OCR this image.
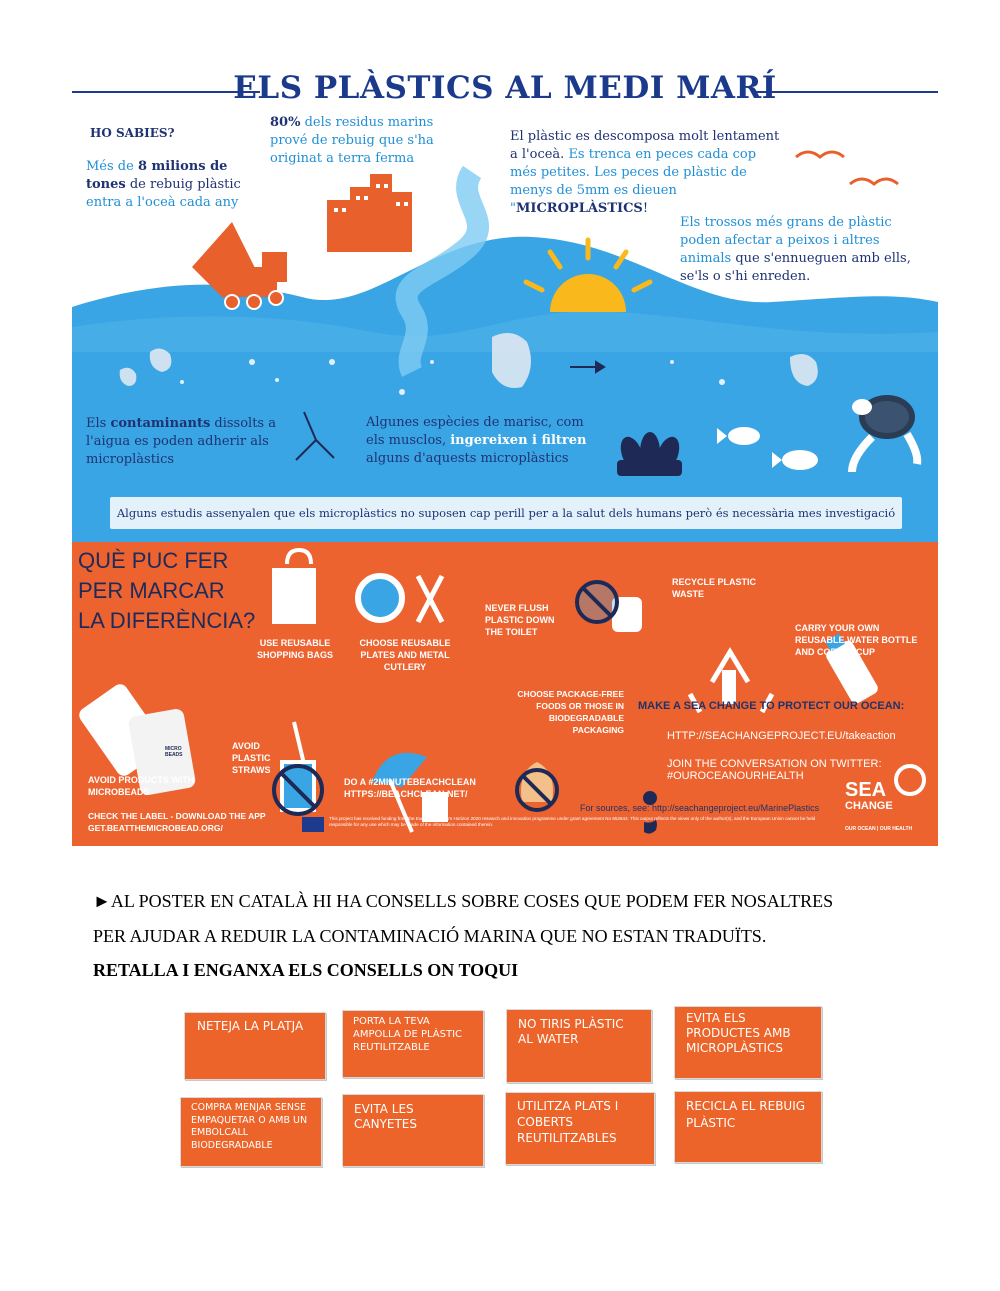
ELS PLÀSTICS AL MEDI MARÍ
HO SABIES?
Més de 8 milions de tones de rebuig plàstic entra a l'oceà cada any
80% dels residus marins prové de rebuig que s'ha originat a terra ferma
El plàstic es descomposa molt lentament a l'oceà. Es trenca en peces cada cop més petites. Les peces de plàstic de menys de 5mm es dieuen "MICROPLÀSTICS!
Els trossos més grans de plàstic poden afectar a peixos i altres animals que s'ennueguen amb ells, se'ls o s'hi enreden.
Els contaminants dissolts a l'aigua es poden adherir als microplàstics
Algunes espècies de marisc, com els musclos, ingereixen i filtren alguns d'aquests microplàstics
Alguns estudis assenyalen que els microplàstics no suposen cap perill per a la salut dels humans però és necessària mes investigació
QUÈ PUC FER
PER MARCAR
LA DIFERÈNCIA?
USE REUSABLE SHOPPING BAGS
CHOOSE REUSABLE PLATES AND METAL CUTLERY
NEVER FLUSH PLASTIC DOWN THE TOILET
RECYCLE PLASTIC WASTE
CARRY YOUR OWN REUSABLE WATER BOTTLE AND COFFEE CUP
AVOID PLASTIC STRAWS
AVOID PRODUCTS WITH MICROBEADS
CHECK THE LABEL - DOWNLOAD THE APP GET.BEATTHEMICROBEAD.ORG/
DO A #2MINUTEBEACHCLEAN HTTPS://BEACHCLEAN.NET/
CHOOSE PACKAGE-FREE FOODS OR THOSE IN BIODEGRADABLE PACKAGING
MAKE A SEA CHANGE TO PROTECT OUR OCEAN:
HTTP://SEACHANGEPROJECT.EU/takeaction
JOIN THE CONVERSATION ON TWITTER: #OUROCEANOURHEALTH
For sources, see: http://seachangeproject.eu/MarinePlastics
SEA
CHANGE
OUR OCEAN | OUR HEALTH
This project has received funding from the European Union's Horizon 2020 research and innovation programme under grant agreement No 652644. This output reflects the views only of the author(s), and the European Union cannot be held responsible for any use which may be made of the information contained therein.
MICRO BEADS
►AL POSTER EN CATALÀ HI HA CONSELLS SOBRE COSES QUE PODEM FER NOSALTRES
PER AJUDAR A REDUIR LA CONTAMINACIÓ MARINA QUE NO ESTAN TRADUÏTS.
RETALLA I ENGANXA ELS CONSELLS ON TOQUI
NETEJA LA PLATJA	PORTA LA TEVA AMPOLLA DE PLÀSTIC REUTILITZABLE
NO TIRIS PLÀSTIC AL WATER
EVITA ELS PRODUCTES AMB MICROPLÀSTICS
COMPRA MENJAR SENSE EMPAQUETAR O AMB UN EMBOLCALL BIODEGRADABLE
EVITA LES CANYETES
UTILITZA PLATS I COBERTS REUTILITZABLES
RECICLA EL REBUIG PLÀSTIC
